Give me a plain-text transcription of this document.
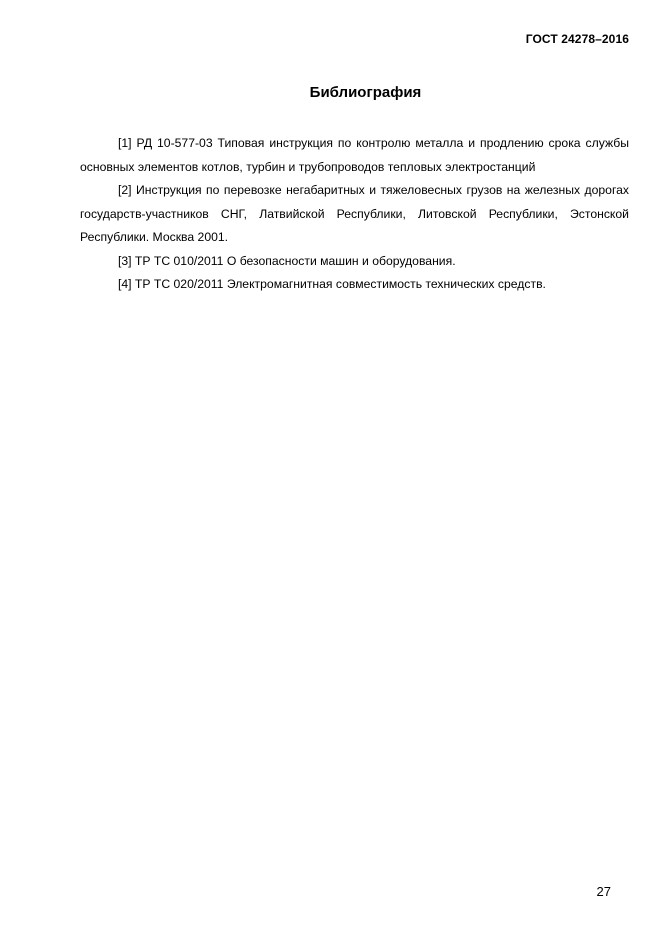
ГОСТ 24278–2016
Библиография
[1] РД 10-577-03 Типовая инструкция по контролю металла и продлению срока службы основных элементов котлов, турбин и трубопроводов тепловых электростанций
[2] Инструкция по перевозке негабаритных и тяжеловесных грузов на железных дорогах государств-участников СНГ, Латвийской Республики, Литовской Республики, Эстонской Республики. Москва 2001.
[3] ТР ТС 010/2011 О безопасности машин и оборудования.
[4] ТР ТС 020/2011 Электромагнитная совместимость технических средств.
27
